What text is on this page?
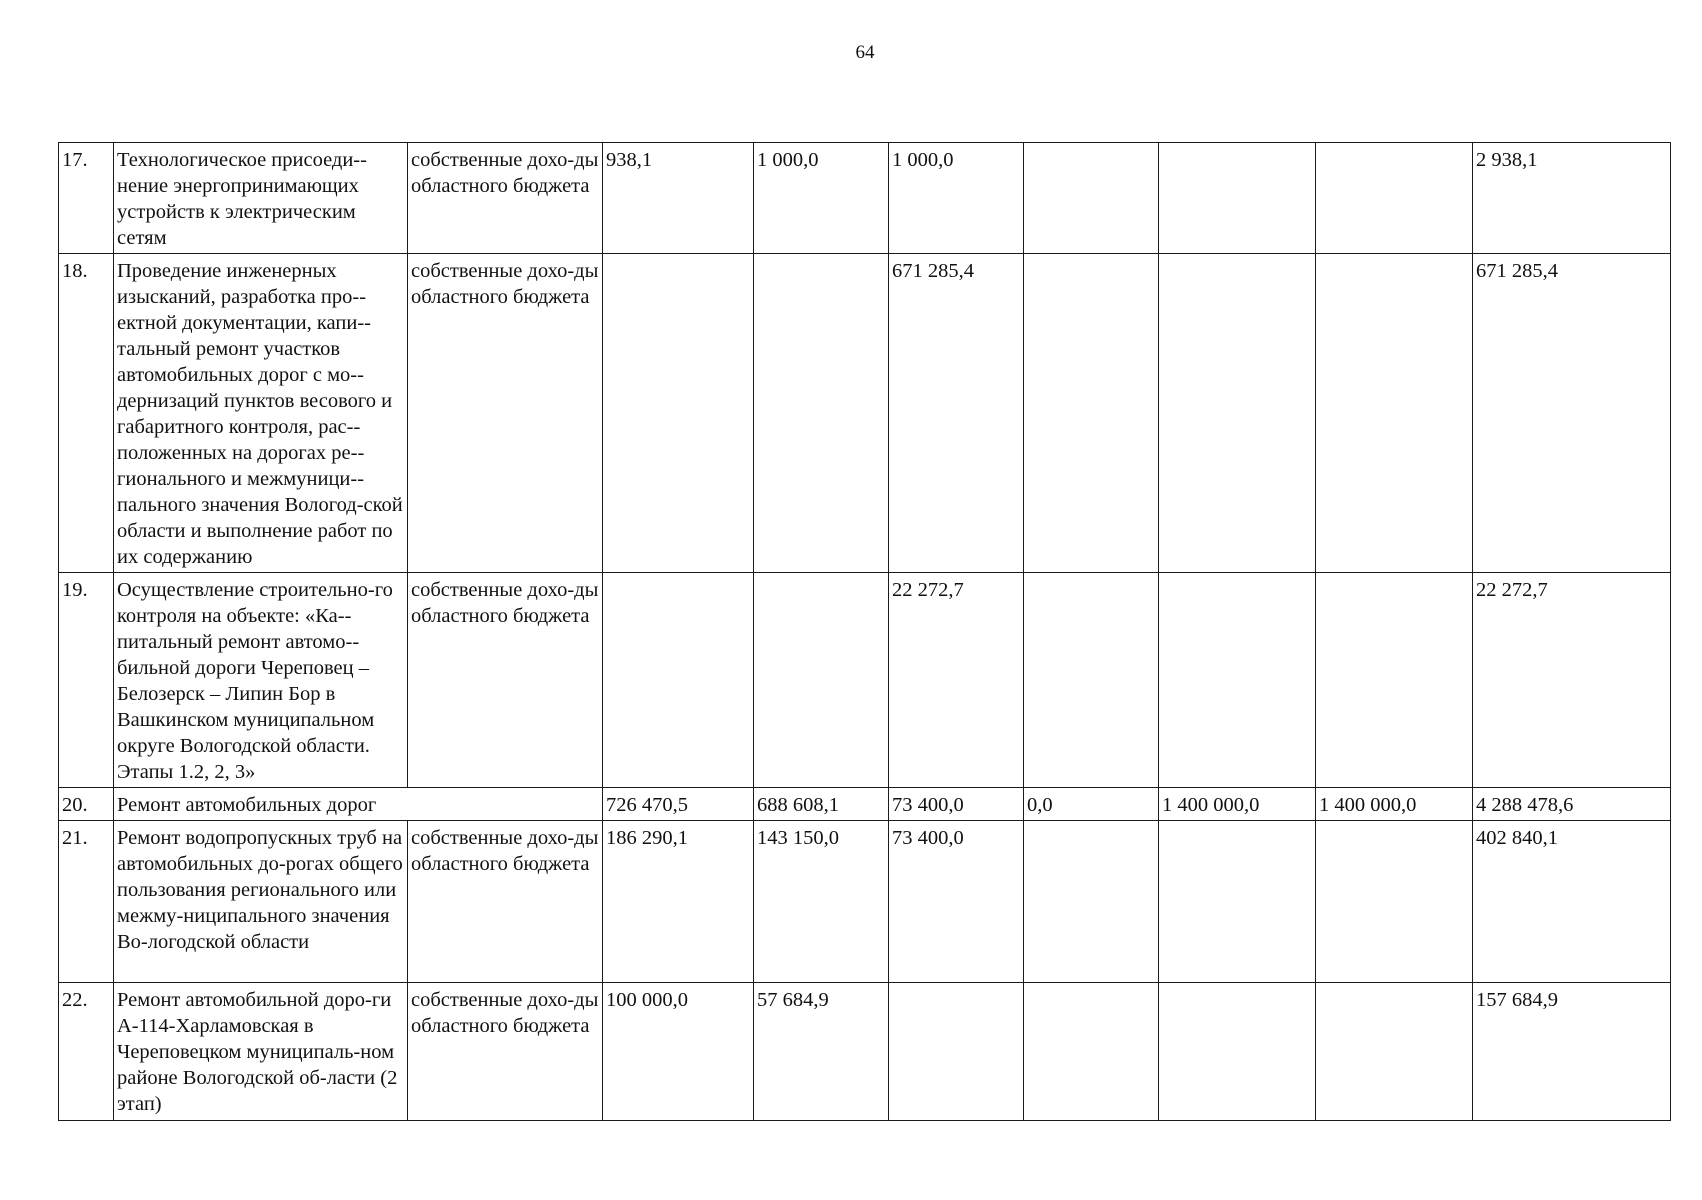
64
17.	Технологическое присоеди-нение энергопринимающих устройств к электрическим сетям	собственные дохо-ды областного бюджета	938,1	1 000,0	1 000,0				2 938,1
18.	Проведение инженерных изысканий, разработка про-ектной документации, капи-тальный ремонт участков автомобильных дорог с мо-дернизаций пунктов весового и габаритного контроля, рас-положенных на дорогах ре-гионального и межмуници-пального значения Вологод-ской области и выполнение работ по их содержанию	собственные дохо-ды областного бюджета			671 285,4				671 285,4
19.	Осуществление строительно-го контроля на объекте: «Ка-питальный ремонт автомо-бильной дороги Череповец – Белозерск – Липин Бор в Вашкинском муниципальном округе Вологодской области. Этапы 1.2, 2, 3»	собственные дохо-ды областного бюджета			22 272,7				22 272,7
20.	Ремонт автомобильных дорог		726 470,5	688 608,1	73 400,0	0,0	1 400 000,0	1 400 000,0	4 288 478,6
21.	Ремонт водопропускных труб на автомобильных до-рогах общего пользования регионального или межму-ниципального значения Во-логодской области	собственные дохо-ды областного бюджета	186 290,1	143 150,0	73 400,0				402 840,1
22.	Ремонт автомобильной доро-ги А-114-Харламовская в Череповецком муниципаль-ном районе Вологодской об-ласти (2 этап)	собственные дохо-ды областного бюджета	100 000,0	57 684,9					157 684,9
